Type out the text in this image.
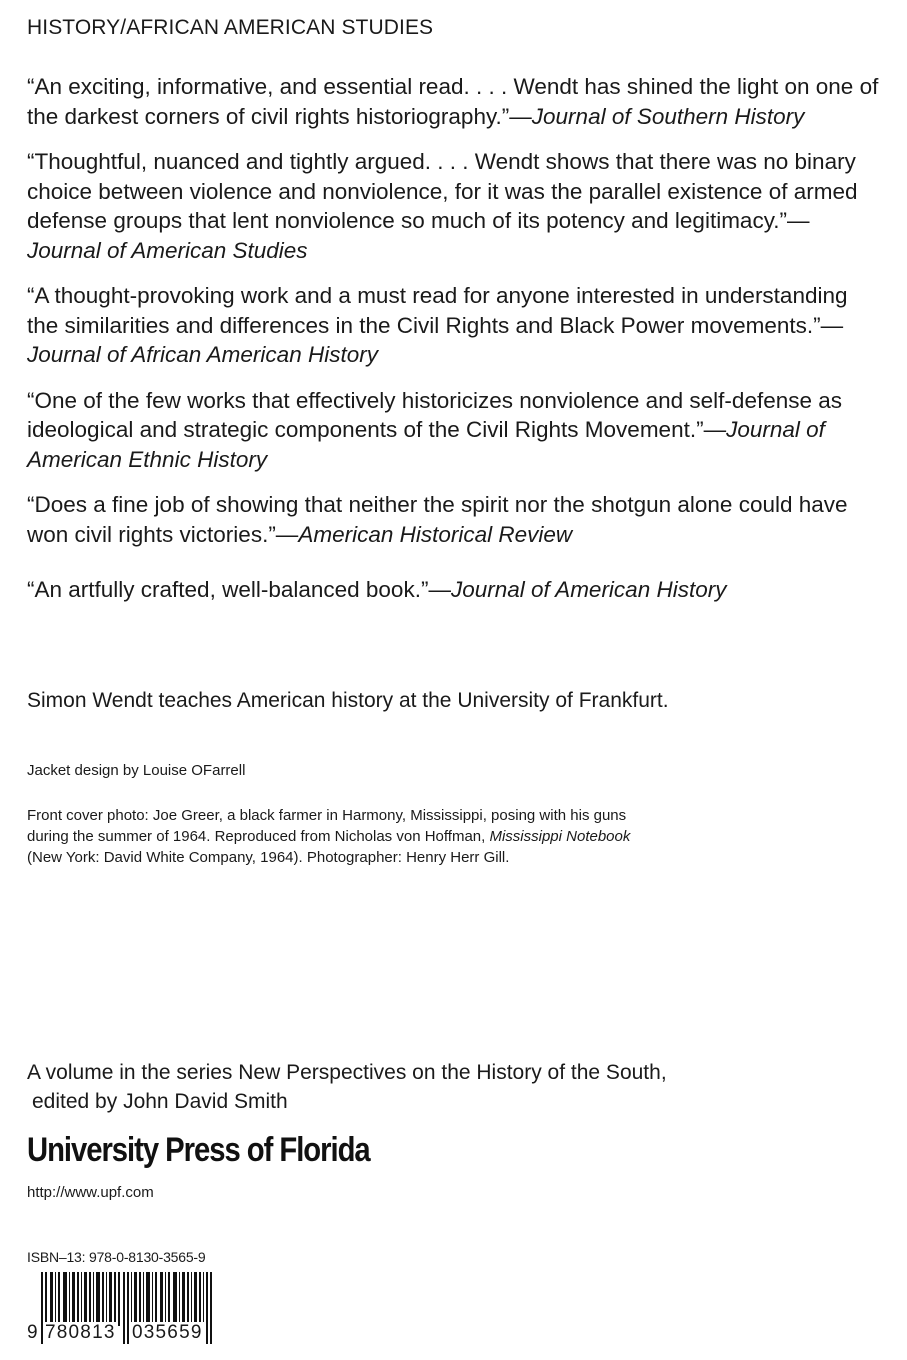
HISTORY/AFRICAN AMERICAN STUDIES

“An exciting, informative, and essential read. . . . Wendt has shined the light on one of the darkest corners of civil rights historiography.”—Journal of Southern History

“Thoughtful, nuanced and tightly argued. . . . Wendt shows that there was no binary choice between violence and nonviolence, for it was the parallel existence of armed defense groups that lent nonviolence so much of its potency and legitimacy.”—Journal of American Studies

“A thought-provoking work and a must read for anyone interested in understanding the similarities and differences in the Civil Rights and Black Power movements.”—Journal of African American History

“One of the few works that effectively historicizes nonviolence and self-defense as ideological and strategic components of the Civil Rights Movement.”—Journal of American Ethnic History

“Does a fine job of showing that neither the spirit nor the shotgun alone could have won civil rights victories.”—American Historical Review

“An artfully crafted, well-balanced book.”—Journal of American History

Simon Wendt teaches American history at the University of Frankfurt.
Jacket design by Louise OFarrell
Front cover photo: Joe Greer, a black farmer in Harmony, Mississippi, posing with his guns during the summer of 1964. Reproduced from Nicholas von Hoffman, Mississippi Notebook (New York: David White Company, 1964). Photographer: Henry Herr Gill.
A volume in the series New Perspectives on the History of the South,
edited by John David Smith
University Press of Florida
http://www.upf.com
ISBN–13: 978-0-8130-3565-9
9 780813 035659
